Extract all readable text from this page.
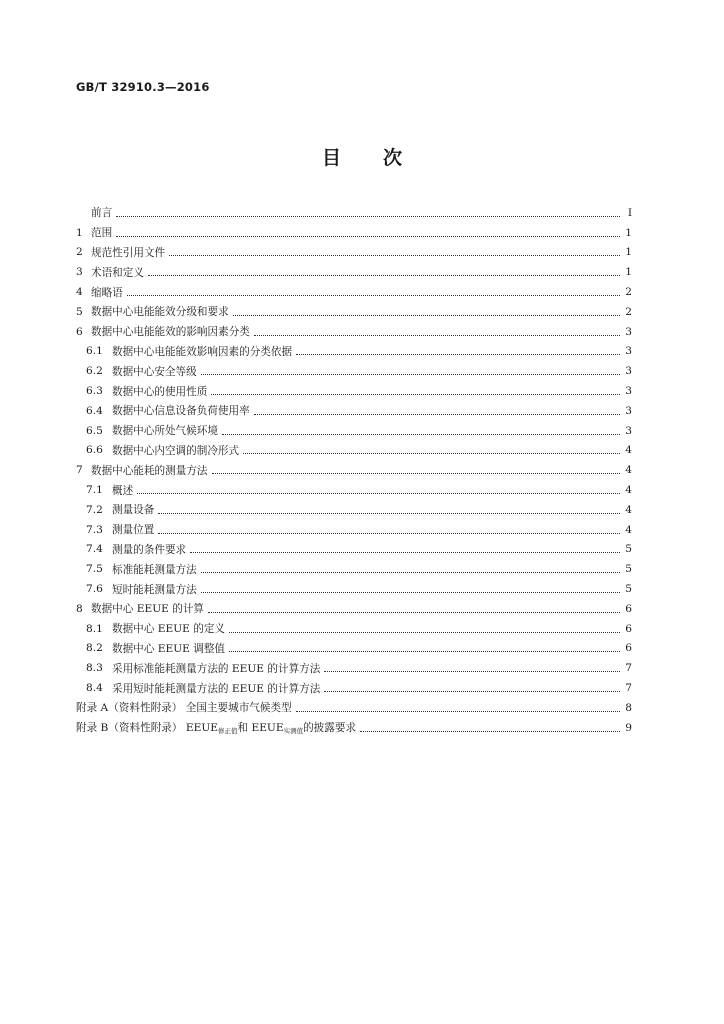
GB/T 32910.3—2016
目次
前言	Ⅰ
1 范围	1
2 规范性引用文件	1
3 术语和定义	1
4 缩略语	2
5 数据中心电能能效分级和要求	2
6 数据中心电能能效的影响因素分类	3
6.1 数据中心电能能效影响因素的分类依据	3
6.2 数据中心安全等级	3
6.3 数据中心的使用性质	3
6.4 数据中心信息设备负荷使用率	3
6.5 数据中心所处气候环境	3
6.6 数据中心内空调的制冷形式	4
7 数据中心能耗的测量方法	4
7.1 概述	4
7.2 测量设备	4
7.3 测量位置	4
7.4 测量的条件要求	5
7.5 标准能耗测量方法	5
7.6 短时能耗测量方法	5
8 数据中心 EEUE 的计算	6
8.1 数据中心 EEUE 的定义	6
8.2 数据中心 EEUE 调整值	6
8.3 采用标准能耗测量方法的 EEUE 的计算方法	7
8.4 采用短时能耗测量方法的 EEUE 的计算方法	7
附录 A（资料性附录） 全国主要城市气候类型	8
附录 B（资料性附录） $EEUE_{修正值}$和 $EEUE_{实测值}$的披露要求	9
